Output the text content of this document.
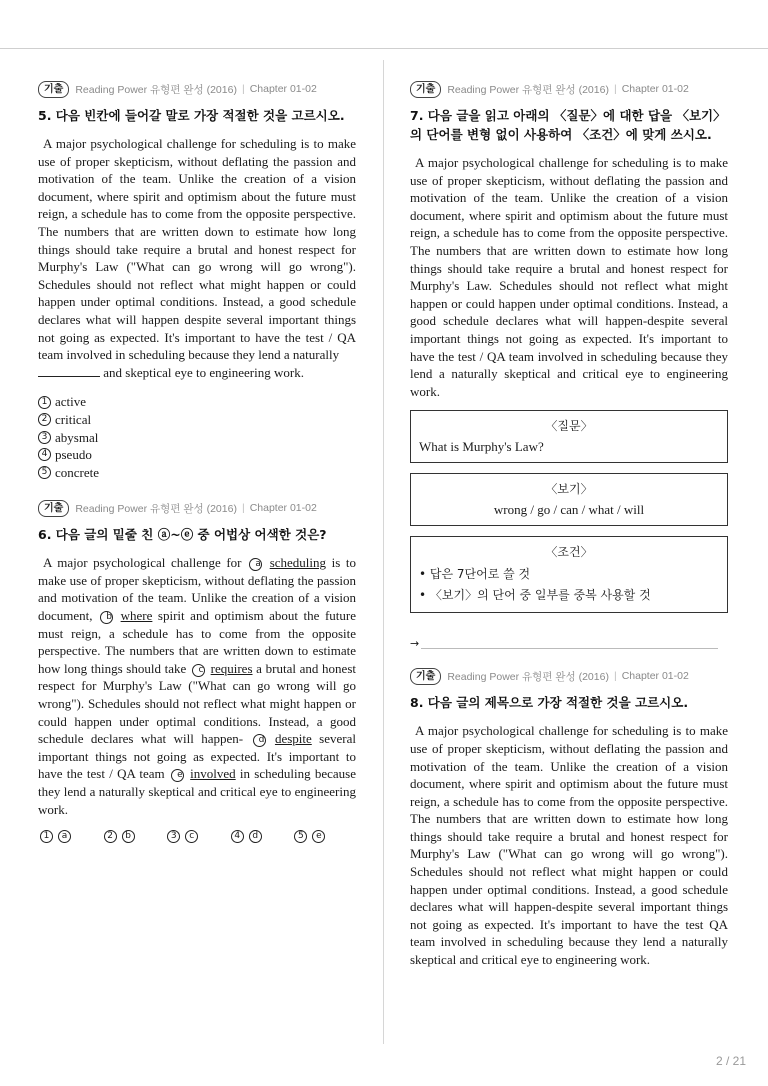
기출	Reading Power 유형편 완성 (2016) | Chapter 01-02

5. 다음 빈칸에 들어갈 말로 가장 적절한 것을 고르시오.

A major psychological challenge for scheduling is to make use of proper skepticism, without deflating the passion and motivation of the team. Unlike the creation of a vision document, where spirit and optimism about the future must reign, a schedule has to come from the opposite perspective. The numbers that are written down to estimate how long things should take require a brutal and honest respect for Murphy's Law ("What can go wrong will go wrong"). Schedules should not reflect what might happen or could happen under optimal conditions. Instead, a good schedule declares what will happen despite several important things not going as expected. It's important to have the test / QA team involved in scheduling because they lend a naturally
and skeptical eye to engineering work.

1 active
2 critical
3 abysmal
4 pseudo
5 concrete
기출	Reading Power 유형편 완성 (2016) | Chapter 01-02

6. 다음 글의 밑줄 친 ⓐ~ⓔ 중 어법상 어색한 것은?

A major psychological challenge for a scheduling is to make use of proper skepticism, without deflating the passion and motivation of the team. Unlike the creation of a vision document, b where spirit and optimism about the future must reign, a schedule has to come from the opposite perspective. The numbers that are written down to estimate how long things should take c requires a brutal and honest respect for Murphy's Law ("What can go wrong will go wrong"). Schedules should not reflect what might happen or could happen under optimal conditions. Instead, a good schedule declares what will happen- d despite several important things not going as expected. It's important to have the test / QA team e involved in scheduling because they lend a naturally skeptical and critical eye to engineering work.

1	a	2	b	3	c	4	d	5	e
기출	Reading Power 유형편 완성 (2016) | Chapter 01-02

7. 다음 글을 읽고 아래의 〈질문〉에 대한 답을 〈보기〉의 단어를 변형 없이 사용하여 〈조건〉에 맞게 쓰시오.

A major psychological challenge for scheduling is to make use of proper skepticism, without deflating the passion and motivation of the team. Unlike the creation of a vision document, where spirit and optimism about the future must reign, a schedule has to come from the opposite perspective. The numbers that are written down to estimate how long things should take require a brutal and honest respect for Murphy's Law. Schedules should not reflect what might happen or could happen under optimal conditions. Instead, a good schedule declares what will happen-despite several important things not going as expected. It's important to have the test / QA team involved in scheduling because they lend a naturally skeptical and critical eye to engineering work.

〈질문〉
What is Murphy's Law?
〈보기〉
wrong / go / can / what / will
〈조건〉
• 답은 7단어로 쓸 것
• 〈보기〉의 단어 중 일부를 중복 사용할 것
→
기출	Reading Power 유형편 완성 (2016) | Chapter 01-02

8. 다음 글의 제목으로 가장 적절한 것을 고르시오.

A major psychological challenge for scheduling is to make use of proper skepticism, without deflating the passion and motivation of the team. Unlike the creation of a vision document, where spirit and optimism about the future must reign, a schedule has to come from the opposite perspective. The numbers that are written down to estimate how long things should take require a brutal and honest respect for Murphy's Law ("What can go wrong will go wrong"). Schedules should not reflect what might happen or could happen under optimal conditions. Instead, a good schedule declares what will happen-despite several important things not going as expected. It's important to have the test QA team involved in scheduling because they lend a naturally skeptical and critical eye to engineering work.

2 / 21
